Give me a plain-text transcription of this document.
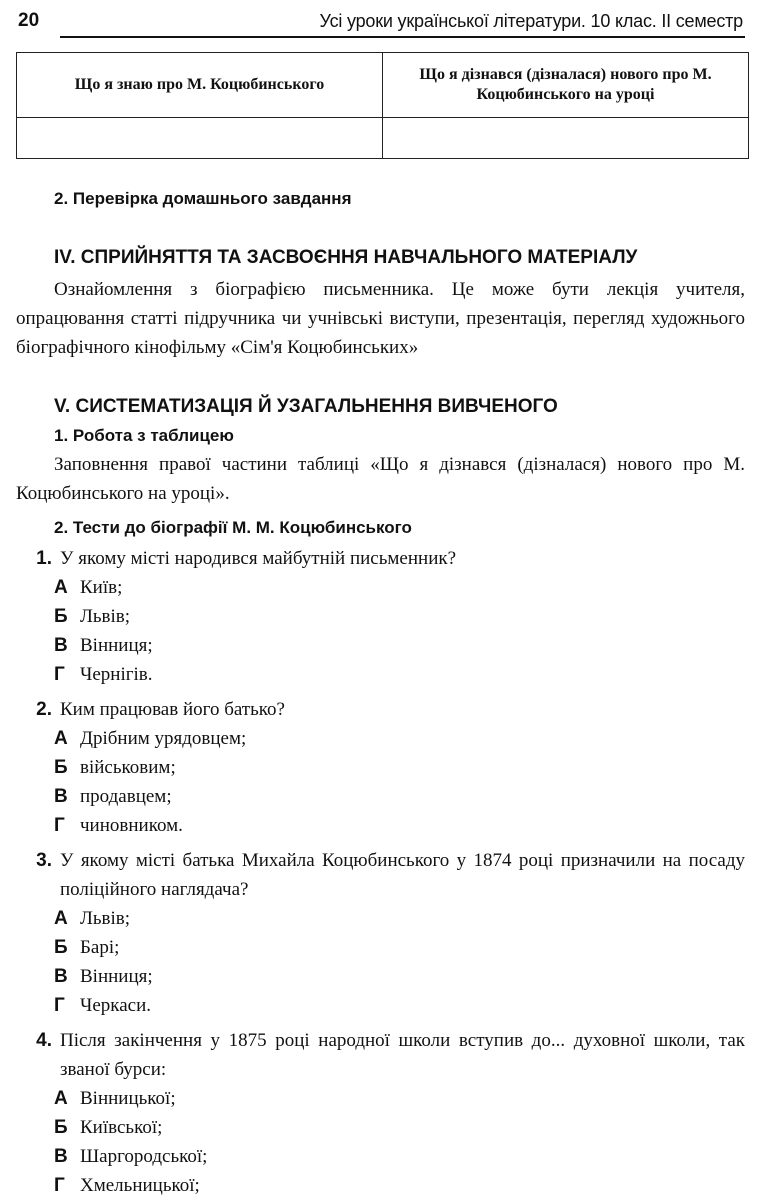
20	Усі уроки української літератури. 10 клас. ІІ семестр
Що я знаю про М. Коцюбинського	Що я дізнався (дізналася) нового про М. Коцюбинського на уроці

2. Перевірка домашнього завдання
IV. СПРИЙНЯТТЯ ТА ЗАСВОЄННЯ НАВЧАЛЬНОГО МАТЕРІАЛУ

Ознайомлення з біографією письменника. Це може бути лекція учителя, опрацювання статті підручника чи учнівські виступи, презентація, перегляд художнього біографічного кінофільму «Сім'я Коцюбинських»

V. СИСТЕМАТИЗАЦІЯ Й УЗАГАЛЬНЕННЯ ВИВЧЕНОГО
1. Робота з таблицею

Заповнення правої частини таблиці «Що я дізнався (дізналася) нового про М. Коцюбинського на уроці».

2. Тести до біографії М. М. Коцюбинського
1. У якому місті народився майбутній письменник?
А Київ;
Б Львів;
В Вінниця;
Г Чернігів.
2. Ким працював його батько?
А Дрібним урядовцем;
Б військовим;
В продавцем;
Г чиновником.
3. У якому місті батька Михайла Коцюбинського у 1874 році призначили на посаду поліційного наглядача?
А Львів;
Б Барі;
В Вінниця;
Г Черкаси.
4. Після закінчення у 1875 році народної школи вступив до... духовної школи, так званої бурси:
А Вінницької;
Б Київської;
В Шаргородської;
Г Хмельницької;
